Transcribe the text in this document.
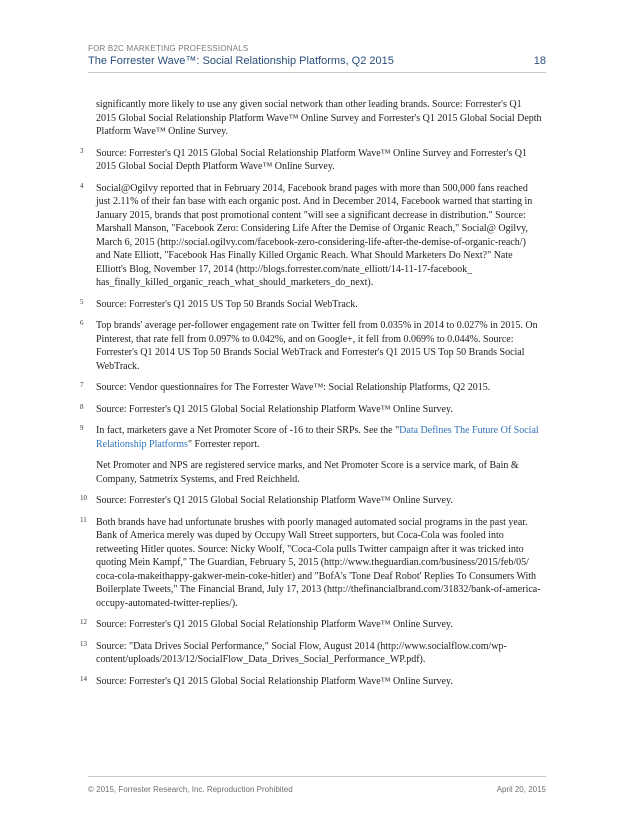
FOR B2C MARKETING PROFESSIONALS
The Forrester Wave™: Social Relationship Platforms, Q2 2015	18

significantly more likely to use any given social network than other leading brands. Source: Forrester's Q1 2015 Global Social Relationship Platform Wave™ Online Survey and Forrester's Q1 2015 Global Social Depth Platform Wave™ Online Survey.

3 Source: Forrester's Q1 2015 Global Social Relationship Platform Wave™ Online Survey and Forrester's Q1 2015 Global Social Depth Platform Wave™ Online Survey.

4 Social@Ogilvy reported that in February 2014, Facebook brand pages with more than 500,000 fans reached just 2.11% of their fan base with each organic post. And in December 2014, Facebook warned that starting in January 2015, brands that post promotional content "will see a significant decrease in distribution." Source: Marshall Manson, "Facebook Zero: Considering Life After the Demise of Organic Reach," Social@ Ogilvy, March 6, 2015 (http://social.ogilvy.com/facebook-zero-considering-life-after-the-demise-of-organic-reach/) and Nate Elliott, "Facebook Has Finally Killed Organic Reach. What Should Marketers Do Next?" Nate Elliott's Blog, November 17, 2014 (http://blogs.forrester.com/nate_elliott/14-11-17-facebook_ has_finally_killed_organic_reach_what_should_marketers_do_next).

5 Source: Forrester's Q1 2015 US Top 50 Brands Social WebTrack.

6 Top brands' average per-follower engagement rate on Twitter fell from 0.035% in 2014 to 0.027% in 2015. On Pinterest, that rate fell from 0.097% to 0.042%, and on Google+, it fell from 0.069% to 0.044%. Source: Forrester's Q1 2014 US Top 50 Brands Social WebTrack and Forrester's Q1 2015 US Top 50 Brands Social WebTrack.

7 Source: Vendor questionnaires for The Forrester Wave™: Social Relationship Platforms, Q2 2015.

8 Source: Forrester's Q1 2015 Global Social Relationship Platform Wave™ Online Survey.

9 In fact, marketers gave a Net Promoter Score of -16 to their SRPs. See the "Data Defines The Future Of Social Relationship Platforms" Forrester report.

Net Promoter and NPS are registered service marks, and Net Promoter Score is a service mark, of Bain & Company, Satmetrix Systems, and Fred Reichheld.

10 Source: Forrester's Q1 2015 Global Social Relationship Platform Wave™ Online Survey.

11 Both brands have had unfortunate brushes with poorly managed automated social programs in the past year. Bank of America merely was duped by Occupy Wall Street supporters, but Coca-Cola was fooled into retweeting Hitler quotes. Source: Nicky Woolf, "Coca-Cola pulls Twitter campaign after it was tricked into quoting Mein Kampf," The Guardian, February 5, 2015 (http://www.theguardian.com/business/2015/feb/05/ coca-cola-makeithappy-gakwer-mein-coke-hitler) and "BofA's 'Tone Deaf Robot' Replies To Consumers With Boilerplate Tweets," The Financial Brand, July 17, 2013 (http://thefinancialbrand.com/31832/bank-of-america-occupy-automated-twitter-replies/).

12 Source: Forrester's Q1 2015 Global Social Relationship Platform Wave™ Online Survey.

13 Source: "Data Drives Social Performance," Social Flow, August 2014 (http://www.socialflow.com/wp-content/uploads/2013/12/SocialFlow_Data_Drives_Social_Performance_WP.pdf).

14 Source: Forrester's Q1 2015 Global Social Relationship Platform Wave™ Online Survey.

© 2015, Forrester Research, Inc. Reproduction Prohibited	April 20, 2015
